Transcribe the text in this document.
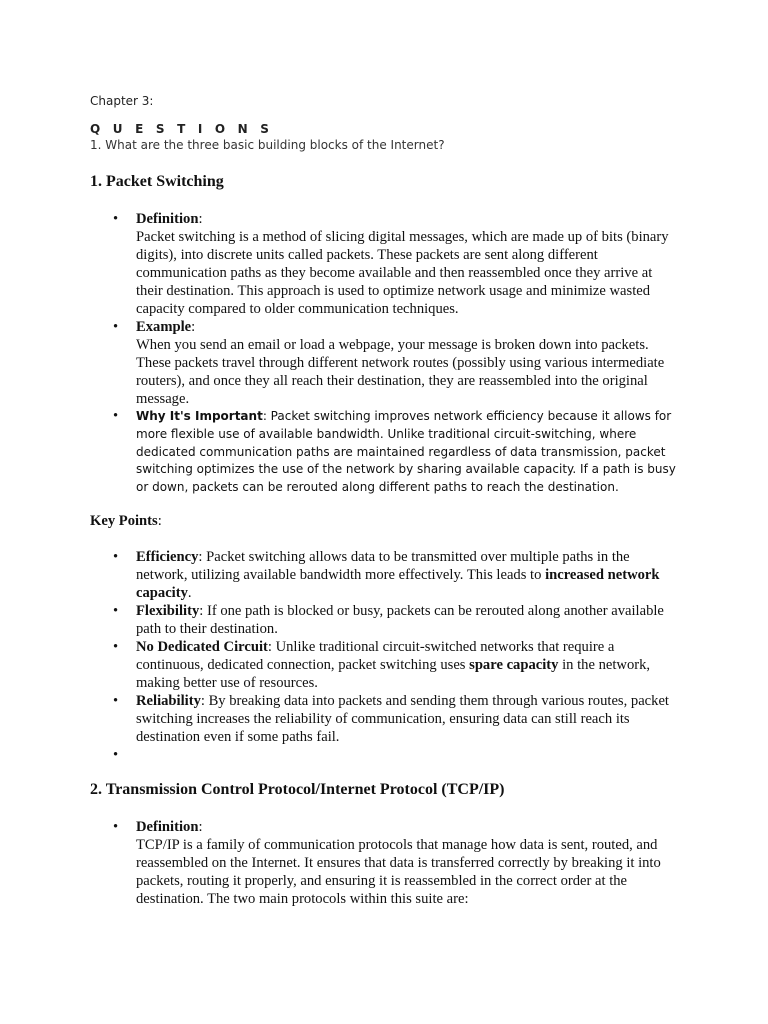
Chapter 3:
Q U E S T I O N S
1. What are the three basic building blocks of the Internet?
1. Packet Switching
• Definition:
Packet switching is a method of slicing digital messages, which are made up of bits (binary digits), into discrete units called packets. These packets are sent along different communication paths as they become available and then reassembled once they arrive at their destination. This approach is used to optimize network usage and minimize wasted capacity compared to older communication techniques.
• Example:
When you send an email or load a webpage, your message is broken down into packets. These packets travel through different network routes (possibly using various intermediate routers), and once they all reach their destination, they are reassembled into the original message.
• Why It's Important: Packet switching improves network efficiency because it allows for more flexible use of available bandwidth. Unlike traditional circuit-switching, where dedicated communication paths are maintained regardless of data transmission, packet switching optimizes the use of the network by sharing available capacity. If a path is busy or down, packets can be rerouted along different paths to reach the destination.
Key Points:
• Efficiency: Packet switching allows data to be transmitted over multiple paths in the network, utilizing available bandwidth more effectively. This leads to increased network capacity.
• Flexibility: If one path is blocked or busy, packets can be rerouted along another available path to their destination.
• No Dedicated Circuit: Unlike traditional circuit-switched networks that require a continuous, dedicated connection, packet switching uses spare capacity in the network, making better use of resources.
• Reliability: By breaking data into packets and sending them through various routes, packet switching increases the reliability of communication, ensuring data can still reach its destination even if some paths fail.
•

2. Transmission Control Protocol/Internet Protocol (TCP/IP)
• Definition:
TCP/IP is a family of communication protocols that manage how data is sent, routed, and reassembled on the Internet. It ensures that data is transferred correctly by breaking it into packets, routing it properly, and ensuring it is reassembled in the correct order at the destination. The two main protocols within this suite are:
